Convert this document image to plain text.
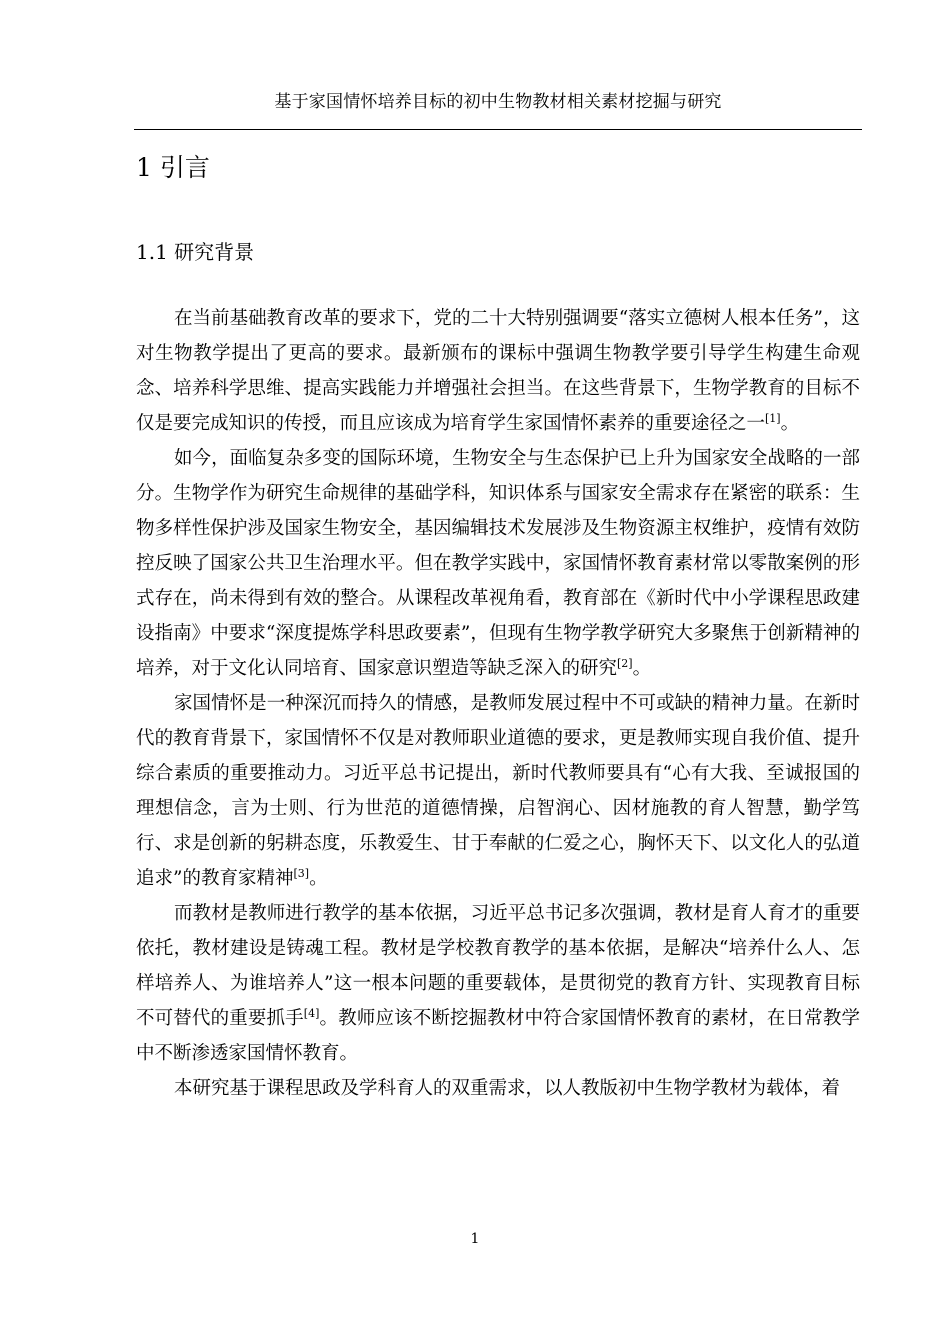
基于家国情怀培养目标的初中生物教材相关素材挖掘与研究
1 引言
1.1 研究背景

在当前基础教育改革的要求下，党的二十大特别强调要“落实立德树人根本任务”，这对生物教学提出了更高的要求。最新颁布的课标中强调生物教学要引导学生构建生命观念、培养科学思维、提高实践能力并增强社会担当。在这些背景下，生物学教育的目标不仅是要完成知识的传授，而且应该成为培育学生家国情怀素养的重要途径之一[1]。

如今，面临复杂多变的国际环境，生物安全与生态保护已上升为国家安全战略的一部分。生物学作为研究生命规律的基础学科，知识体系与国家安全需求存在紧密的联系：生物多样性保护涉及国家生物安全，基因编辑技术发展涉及生物资源主权维护，疫情有效防控反映了国家公共卫生治理水平。但在教学实践中，家国情怀教育素材常以零散案例的形式存在，尚未得到有效的整合。从课程改革视角看，教育部在《新时代中小学课程思政建设指南》中要求“深度提炼学科思政要素”，但现有生物学教学研究大多聚焦于创新精神的培养，对于文化认同培育、国家意识塑造等缺乏深入的研究[2]。

家国情怀是一种深沉而持久的情感，是教师发展过程中不可或缺的精神力量。在新时代的教育背景下，家国情怀不仅是对教师职业道德的要求，更是教师实现自我价值、提升综合素质的重要推动力。习近平总书记提出，新时代教师要具有“心有大我、至诚报国的理想信念，言为士则、行为世范的道德情操，启智润心、因材施教的育人智慧，勤学笃行、求是创新的躬耕态度，乐教爱生、甘于奉献的仁爱之心，胸怀天下、以文化人的弘道追求”的教育家精神[3]。

而教材是教师进行教学的基本依据，习近平总书记多次强调，教材是育人育才的重要依托，教材建设是铸魂工程。教材是学校教育教学的基本依据，是解决“培养什么人、怎样培养人、为谁培养人”这一根本问题的重要载体，是贯彻党的教育方针、实现教育目标不可替代的重要抓手[4]。教师应该不断挖掘教材中符合家国情怀教育的素材，在日常教学中不断渗透家国情怀教育。

本研究基于课程思政及学科育人的双重需求，以人教版初中生物学教材为载体，着

1
